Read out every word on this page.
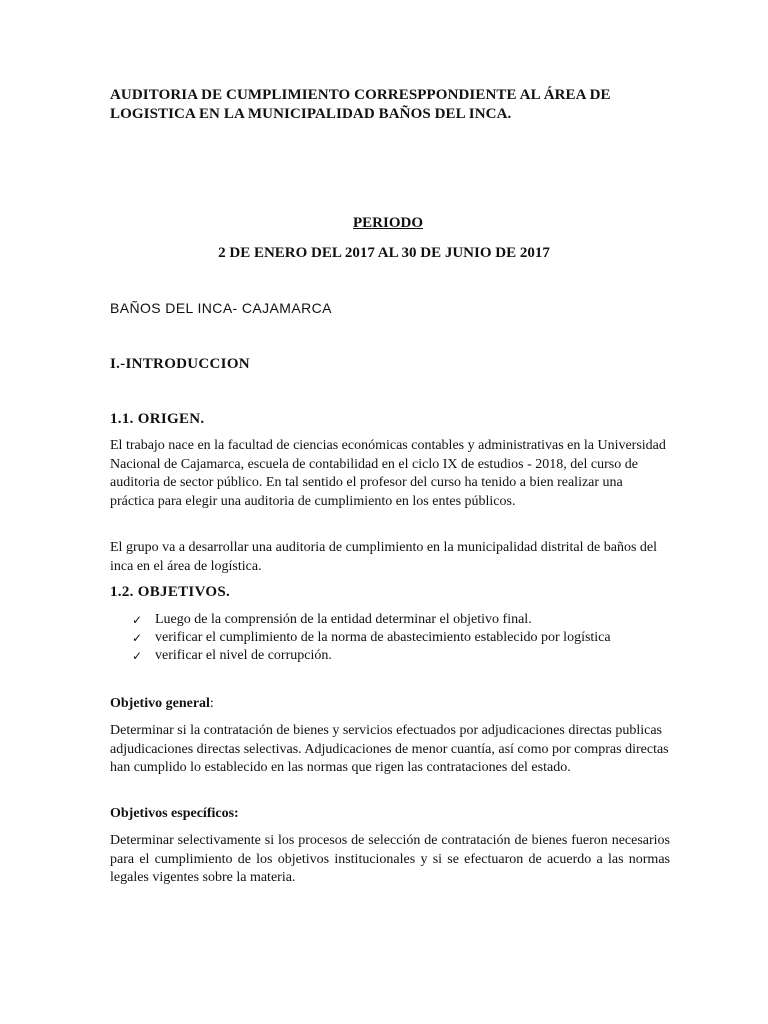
AUDITORIA DE CUMPLIMIENTO CORRESPPONDIENTE AL ÁREA DE LOGISTICA EN LA MUNICIPALIDAD BAÑOS DEL INCA.

PERIODO

2 DE ENERO DEL 2017 AL 30 DE JUNIO DE 2017

BAÑOS DEL INCA- CAJAMARCA

I.-INTRODUCCION

1.1. ORIGEN.

El trabajo nace en la facultad de ciencias económicas contables y administrativas en la Universidad Nacional de Cajamarca, escuela de contabilidad en el ciclo IX de estudios - 2018, del curso de auditoria de sector público. En tal sentido el profesor del curso ha tenido a bien realizar una práctica para elegir una auditoria de cumplimiento en los entes públicos.

El grupo va a desarrollar una auditoria de cumplimiento en la municipalidad distrital de baños del inca en el área de logística.

1.2. OBJETIVOS.

✓ Luego de la comprensión de la entidad determinar el objetivo final.
✓ verificar el cumplimiento de la norma de abastecimiento establecido por logística
✓ verificar el nivel de corrupción.

Objetivo general:

Determinar si la contratación de bienes y servicios efectuados por adjudicaciones directas publicas adjudicaciones directas selectivas. Adjudicaciones de menor cuantía, así como por compras directas han cumplido lo establecido en las normas que rigen las contrataciones del estado.

Objetivos específicos:

Determinar selectivamente si los procesos de selección de contratación de bienes fueron necesarios para el cumplimiento de los objetivos institucionales y si se efectuaron de acuerdo a las normas legales vigentes sobre la materia.
